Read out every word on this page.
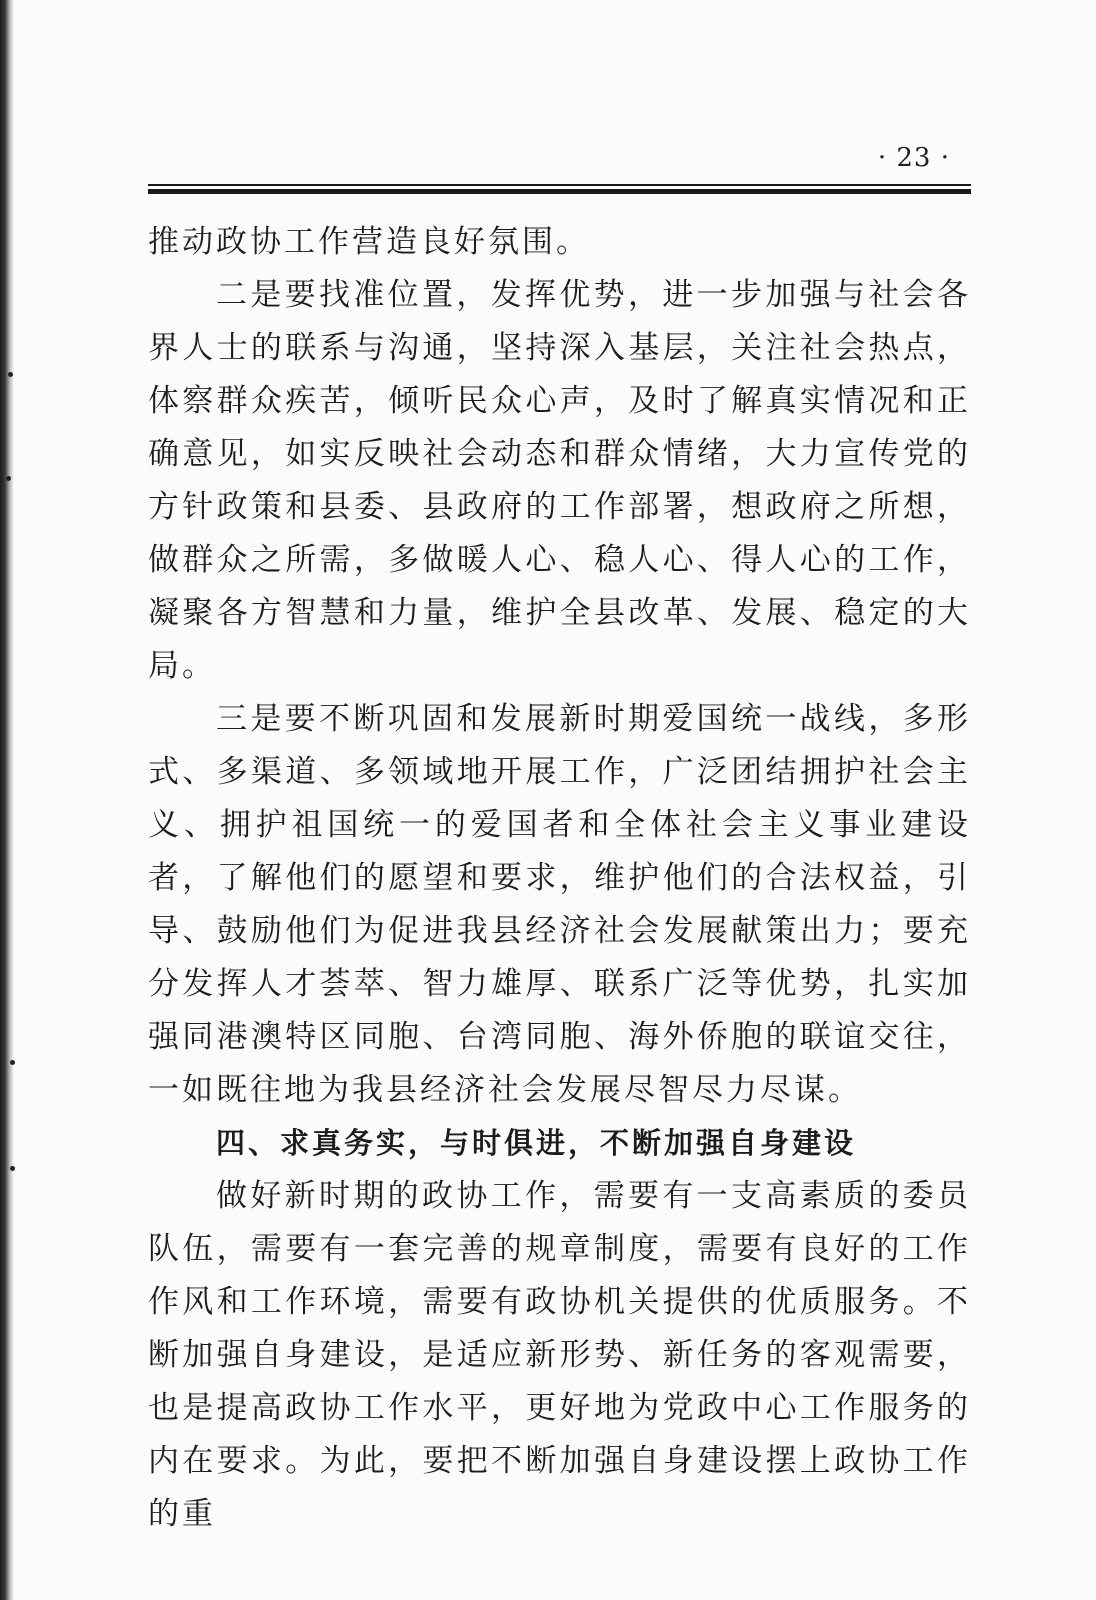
· 23 ·

推动政协工作营造良好氛围。

二是要找准位置，发挥优势，进一步加强与社会各界人士的联系与沟通，坚持深入基层，关注社会热点，体察群众疾苦，倾听民众心声，及时了解真实情况和正确意见，如实反映社会动态和群众情绪，大力宣传党的方针政策和县委、县政府的工作部署，想政府之所想，做群众之所需，多做暖人心、稳人心、得人心的工作，凝聚各方智慧和力量，维护全县改革、发展、稳定的大局。

三是要不断巩固和发展新时期爱国统一战线，多形式、多渠道、多领域地开展工作，广泛团结拥护社会主义、拥护祖国统一的爱国者和全体社会主义事业建设者，了解他们的愿望和要求，维护他们的合法权益，引导、鼓励他们为促进我县经济社会发展献策出力；要充分发挥人才荟萃、智力雄厚、联系广泛等优势，扎实加强同港澳特区同胞、台湾同胞、海外侨胞的联谊交往，一如既往地为我县经济社会发展尽智尽力尽谋。

四、求真务实，与时俱进，不断加强自身建设

做好新时期的政协工作，需要有一支高素质的委员队伍，需要有一套完善的规章制度，需要有良好的工作作风和工作环境，需要有政协机关提供的优质服务。不断加强自身建设，是适应新形势、新任务的客观需要，也是提高政协工作水平，更好地为党政中心工作服务的内在要求。为此，要把不断加强自身建设摆上政协工作的重
